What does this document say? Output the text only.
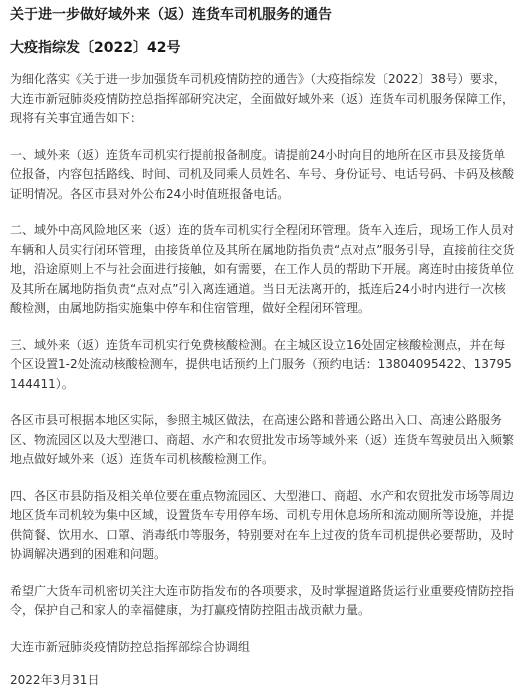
关于进一步做好域外来（返）连货车司机服务的通告

大疫指综发〔2022〕42号

为细化落实《关于进一步加强货车司机疫情防控的通告》（大疫指综发〔2022〕38号）要求，大连市新冠肺炎疫情防控总指挥部研究决定，全面做好域外来（返）连货车司机服务保障工作，现将有关事宜通告如下：

一、域外来（返）连货车司机实行提前报备制度。请提前24小时向目的地所在区市县及接货单位报备，内容包括路线、时间、司机及同乘人员姓名、车号、身份证号、电话号码、卡码及核酸证明情况。各区市县对外公布24小时值班报备电话。

二、域外中高风险地区来（返）连的货车司机实行全程闭环管理。货车入连后，现场工作人员对车辆和人员实行闭环管理，由接货单位及其所在属地防指负责“点对点”服务引导，直接前往交货地，沿途原则上不与社会面进行接触，如有需要，在工作人员的帮助下开展。离连时由接货单位及其所在属地防指负责“点对点”引入离连通道。当日无法离开的，抵连后24小时内进行一次核酸检测，由属地防指实施集中停车和住宿管理，做好全程闭环管理。

三、域外来（返）连货车司机实行免费核酸检测。在主城区设立16处固定核酸检测点，并在每个区设置1-2处流动核酸检测车，提供电话预约上门服务（预约电话：13804095422、13795144411）。

各区市县可根据本地区实际，参照主城区做法，在高速公路和普通公路出入口、高速公路服务区、物流园区以及大型港口、商超、水产和农贸批发市场等域外来（返）连货车驾驶员出入频繁地点做好域外来（返）连货车司机核酸检测工作。

四、各区市县防指及相关单位要在重点物流园区、大型港口、商超、水产和农贸批发市场等周边地区货车司机较为集中区域，设置货车专用停车场、司机专用休息场所和流动厕所等设施，并提供简餐、饮用水、口罩、消毒纸巾等服务，特别要对在车上过夜的货车司机提供必要帮助，及时协调解决遇到的困难和问题。

希望广大货车司机密切关注大连市防指发布的各项要求，及时掌握道路货运行业重要疫情防控指令，保护自己和家人的幸福健康，为打赢疫情防控阻击战贡献力量。

大连市新冠肺炎疫情防控总指挥部综合协调组

2022年3月31日
